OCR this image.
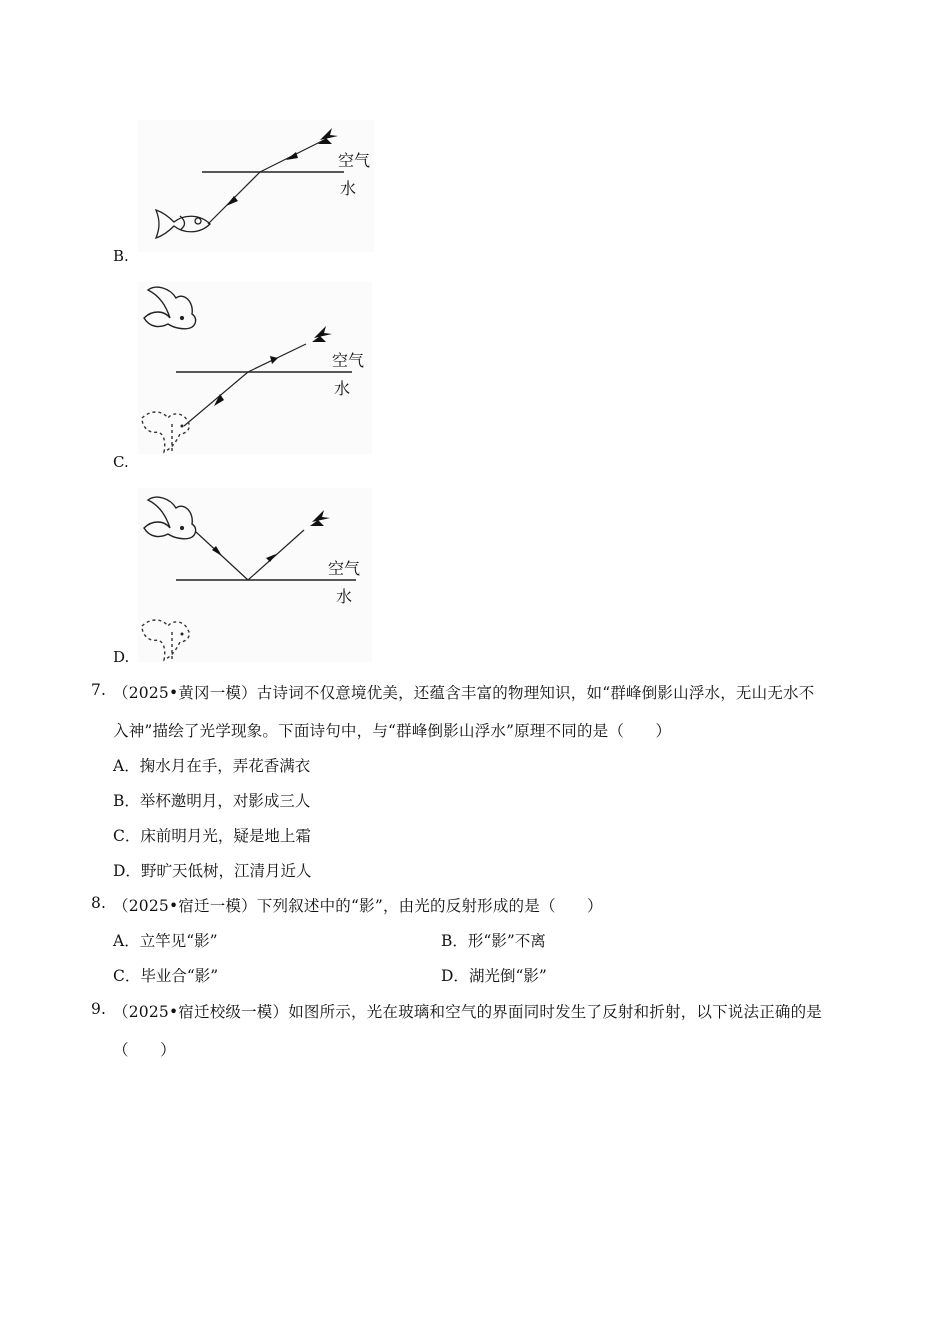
空气
水
B.
空气
水
C.
空气
水
D.
7. （2025•黄冈一模）古诗词不仅意境优美，还蕴含丰富的物理知识，如“群峰倒影山浮水，无山无水不
入神”描绘了光学现象。下面诗句中，与“群峰倒影山浮水”原理不同的是（　　）
A．掬水月在手，弄花香满衣
B．举杯邀明月，对影成三人
C．床前明月光，疑是地上霜
D．野旷天低树，江清月近人
8. （2025•宿迁一模）下列叙述中的“影”，由光的反射形成的是（　　）
A．立竿见“影”	B．形“影”不离
C．毕业合“影”	D．湖光倒“影”
9. （2025•宿迁校级一模）如图所示，光在玻璃和空气的界面同时发生了反射和折射，以下说法正确的是
（　　）
